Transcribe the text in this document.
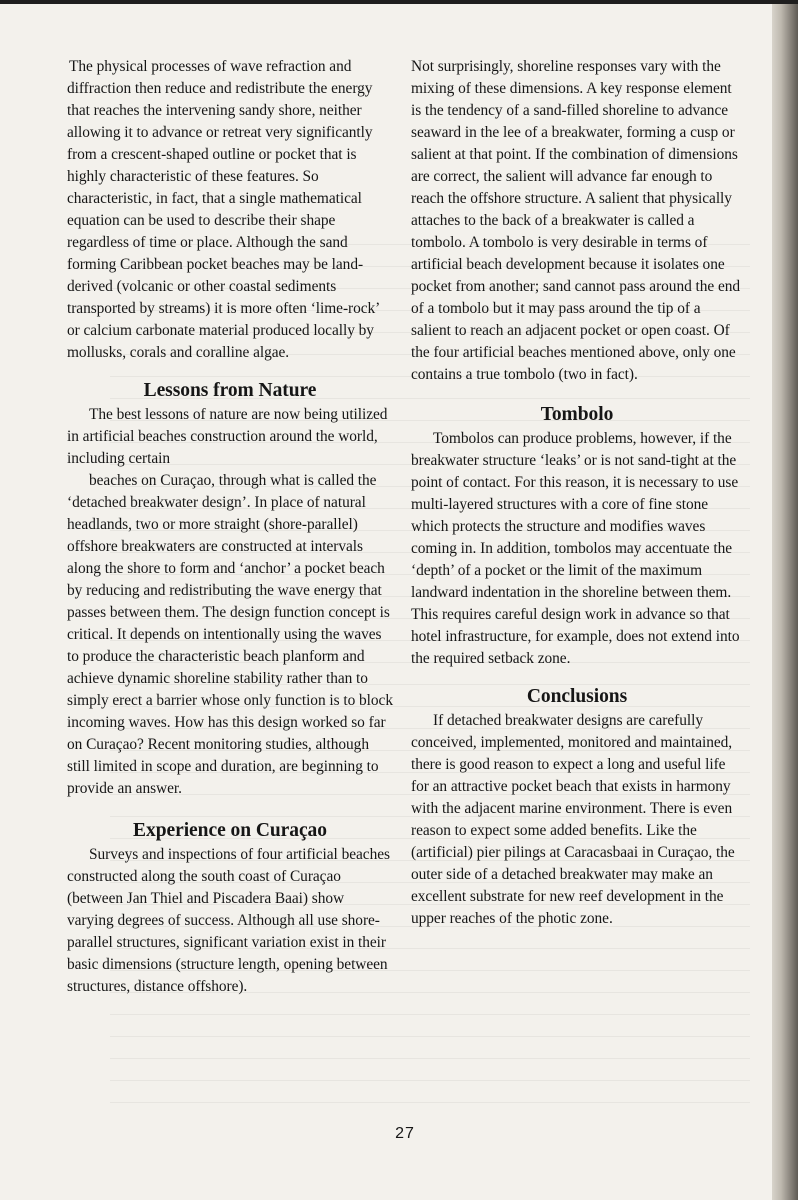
The physical processes of wave refraction and diffraction then reduce and redistribute the energy that reaches the intervening sandy shore, neither allowing it to advance or retreat very significantly from a crescent-shaped outline or pocket that is highly characteristic of these features. So characteristic, in fact, that a single mathematical equation can be used to describe their shape regardless of time or place. Although the sand forming Caribbean pocket beaches may be land-derived (volcanic or other coastal sediments transported by streams) it is more often ‘lime-rock’ or calcium carbonate material produced locally by mollusks, corals and coralline algae.

Lessons from Nature

The best lessons of nature are now being utilized in artificial beaches construction around the world, including certain

beaches on Curaçao, through what is called the ‘detached breakwater design’. In place of natural headlands, two or more straight (shore-parallel) offshore breakwaters are constructed at intervals along the shore to form and ‘anchor’ a pocket beach by reducing and redistributing the wave energy that passes between them. The design function concept is critical. It depends on intentionally using the waves to produce the characteristic beach planform and achieve dynamic shoreline stability rather than to simply erect a barrier whose only function is to block incoming waves. How has this design worked so far on Curaçao? Recent monitoring studies, although still limited in scope and duration, are beginning to provide an answer.

Experience on Curaçao

Surveys and inspections of four artificial beaches constructed along the south coast of Curaçao (between Jan Thiel and Piscadera Baai) show varying degrees of success. Although all use shore-parallel structures, significant variation exist in their basic dimensions (structure length, opening between structures, distance offshore).

Not surprisingly, shoreline responses vary with the mixing of these dimensions. A key response element is the tendency of a sand-filled shoreline to advance seaward in the lee of a breakwater, forming a cusp or salient at that point. If the combination of dimensions are correct, the salient will advance far enough to reach the offshore structure. A salient that physically attaches to the back of a breakwater is called a tombolo. A tombolo is very desirable in terms of artificial beach development because it isolates one pocket from another; sand cannot pass around the end of a tombolo but it may pass around the tip of a salient to reach an adjacent pocket or open coast. Of the four artificial beaches mentioned above, only one contains a true tombolo (two in fact).

Tombolo

Tombolos can produce problems, however, if the breakwater structure ‘leaks’ or is not sand-tight at the point of contact. For this reason, it is necessary to use multi-layered structures with a core of fine stone which protects the structure and modifies waves coming in. In addition, tombolos may accentuate the ‘depth’ of a pocket or the limit of the maximum landward indentation in the shoreline between them. This requires careful design work in advance so that hotel infrastructure, for example, does not extend into the required setback zone.

Conclusions

If detached breakwater designs are carefully conceived, implemented, monitored and maintained, there is good reason to expect a long and useful life for an attractive pocket beach that exists in harmony with the adjacent marine environment. There is even reason to expect some added benefits. Like the (artificial) pier pilings at Caracasbaai in Curaçao, the outer side of a detached breakwater may make an excellent substrate for new reef development in the upper reaches of the photic zone.

27
